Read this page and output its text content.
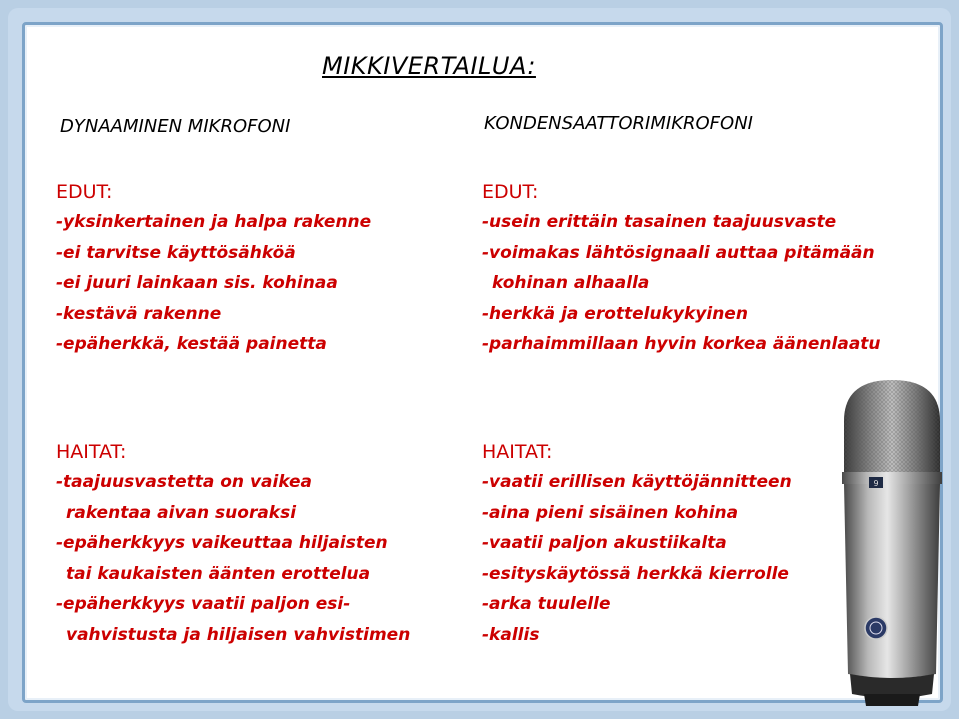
MIKKIVERTAILUA:
DYNAAMINEN MIKROFONI	KONDENSAATTORIMIKROFONI
EDUT:
-yksinkertainen ja halpa rakenne
-ei tarvitse käyttösähköä
-ei juuri lainkaan sis. kohinaa
-kestävä rakenne
-epäherkkä, kestää painetta
EDUT:
-usein erittäin tasainen taajuusvaste
-voimakas lähtösignaali auttaa pitämään
kohinan alhaalla
-herkkä ja erottelukykyinen
-parhaimmillaan hyvin korkea äänenlaatu
HAITAT:
-taajuusvastetta on vaikea
rakentaa aivan suoraksi
-epäherkkyys vaikeuttaa hiljaisten
tai kaukaisten äänten erottelua
-epäherkkyys vaatii paljon esi-
vahvistusta ja hiljaisen vahvistimen
HAITAT:
-vaatii erillisen käyttöjännitteen
-aina pieni sisäinen kohina
-vaatii paljon akustiikalta
-esityskäytössä herkkä kierrolle
-arka tuulelle
-kallis
9
